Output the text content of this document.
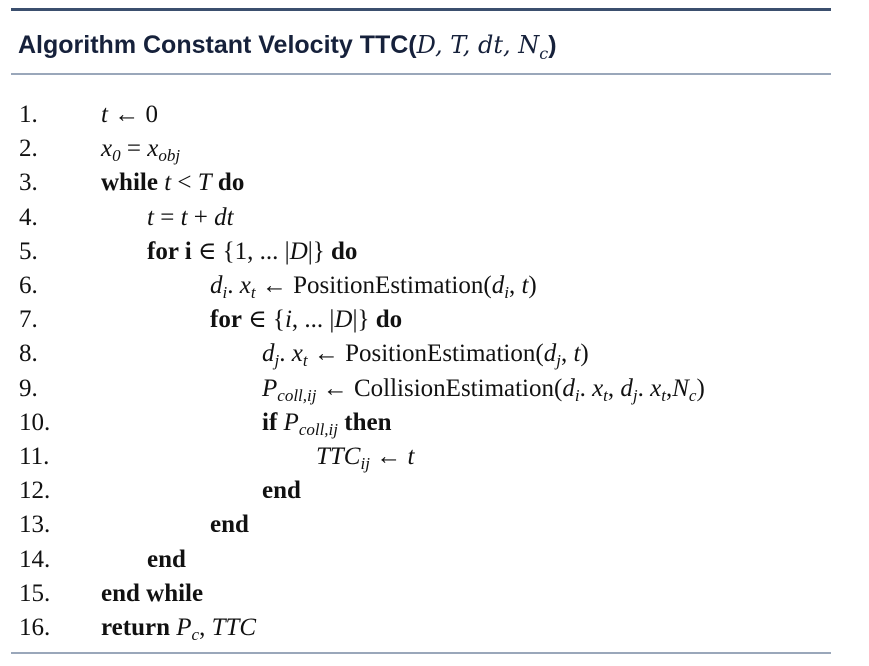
Algorithm Constant Velocity TTC(D, T, dt, $N_c$)
1.	t ← 0
2.	$x_0 = x_{obj}$
3.	while t < T do
4.	t = t + dt
5.	for i ∈ {1, ... |D|} do
6.	$d_i$. $x_t$ ← $PositionEstimation(d_i$, t)
7.	for ∈ {i, ... |D|} do
8.	$d_j$. $x_t$ ← $PositionEstimation(d_j$, t)
9.	$P_{coll,ij}$ ← $CollisionEstimation(d_i$. $x_t$, $d_j$. $x_t,N_c$)
10.	if $P_{coll,ij}$ then
11.	$TTC_{ij}$ ← t
12.	end
13.	end
14.	end
15. end while
16. return $P_c$, TTC
